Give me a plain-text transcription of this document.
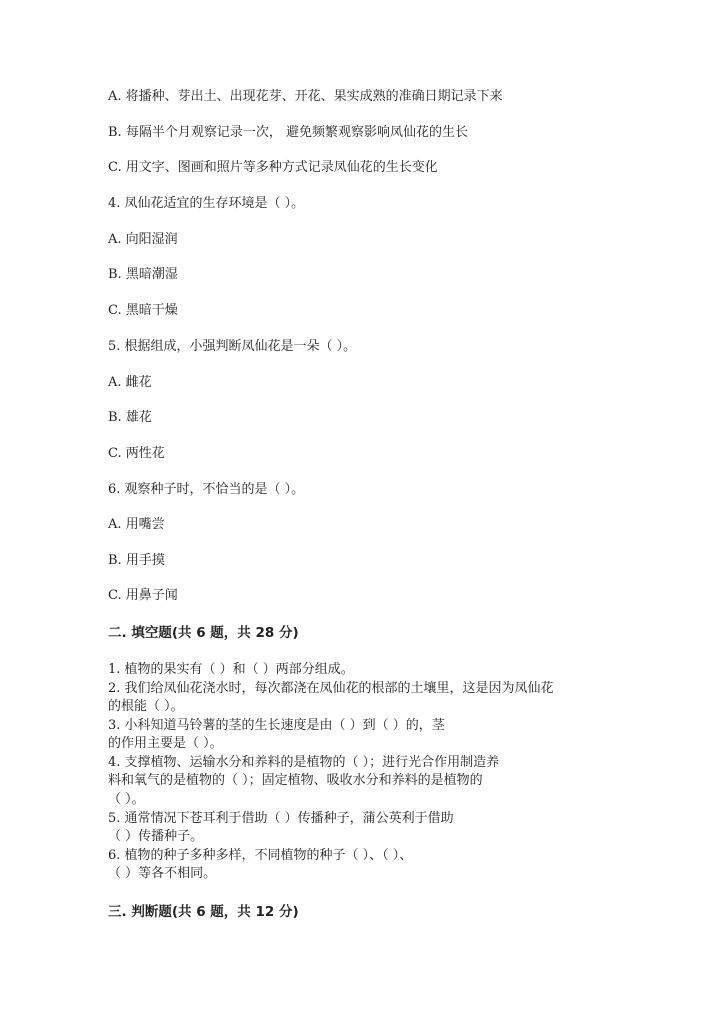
A. 将播种、芽出土、出现花芽、开花、果实成熟的准确日期记录下来
B. 每隔半个月观察记录一次， 避免频繁观察影响凤仙花的生长
C. 用文字、图画和照片等多种方式记录凤仙花的生长变化
4. 凤仙花适宜的生存环境是（ ）。
A. 向阳湿润
B. 黑暗潮湿
C. 黑暗干燥
5. 根据组成，小强判断凤仙花是一朵（ ）。
A. 雌花
B. 雄花
C. 两性花
6. 观察种子时，不恰当的是（ ）。
A. 用嘴尝
B. 用手摸
C. 用鼻子闻
二. 填空题(共 6 题，共 28 分)
1. 植物的果实有（ ）和（ ）两部分组成。
2. 我们给凤仙花浇水时，每次都浇在凤仙花的根部的土壤里，这是因为凤仙花
的根能（ ）。
3. 小科知道马铃薯的茎的生长速度是由（ ）到（ ）的，茎
的作用主要是（ ）。
4. 支撑植物、运输水分和养料的是植物的（ ）；进行光合作用制造养
料和氧气的是植物的（ ）；固定植物、吸收水分和养料的是植物的
（ ）。
5. 通常情况下苍耳利于借助（ ）传播种子，蒲公英利于借助
（ ）传播种子。
6. 植物的种子多种多样，不同植物的种子（ ）、（ ）、
（ ）等各不相同。
三. 判断题(共 6 题，共 12 分)
